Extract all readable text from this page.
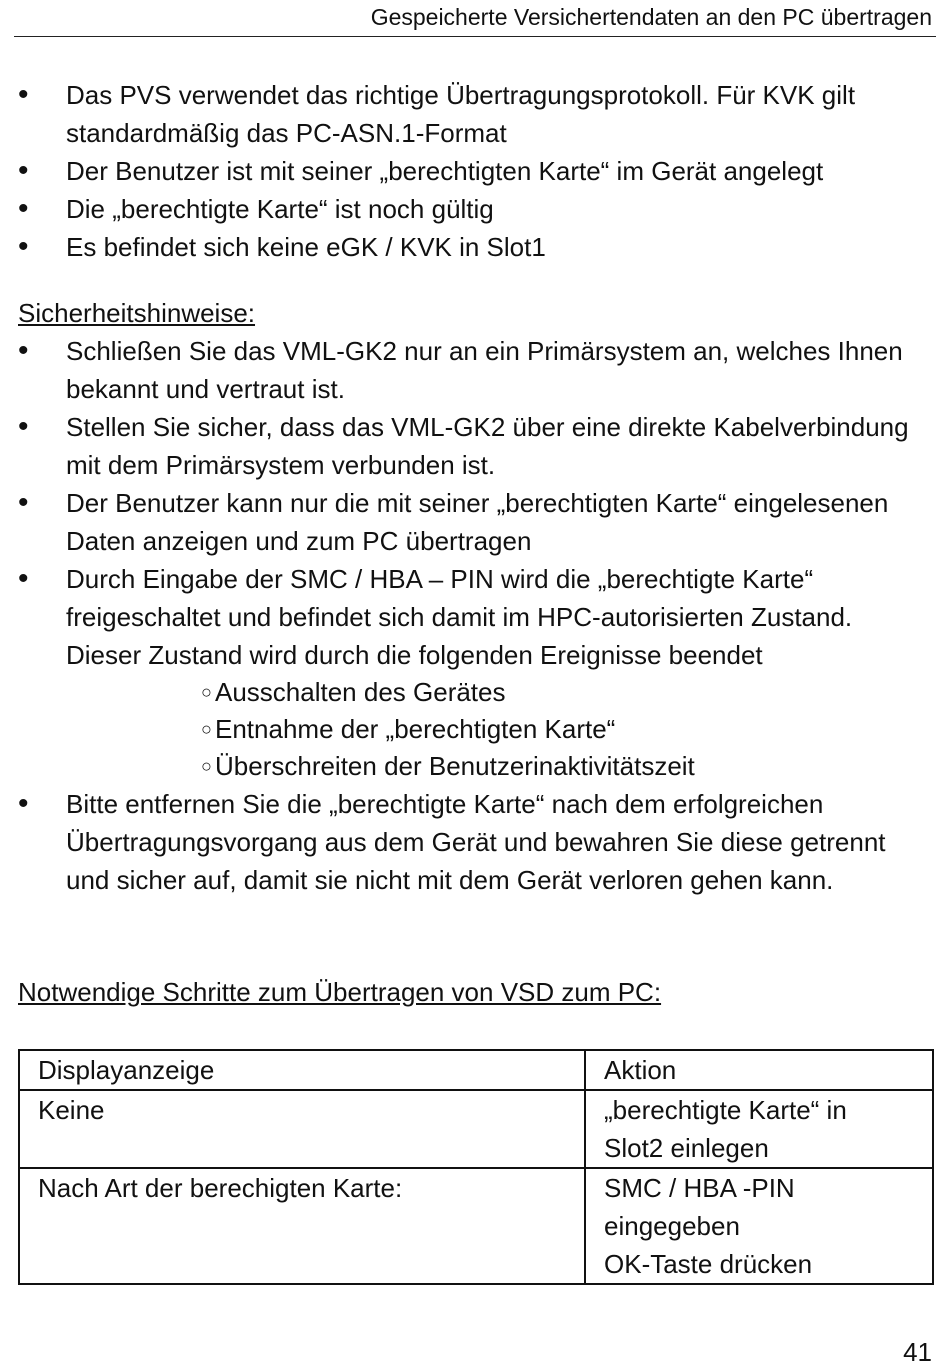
Gespeicherte Versichertendaten an den PC übertragen
• Das PVS verwendet das richtige Übertragungsprotokoll. Für KVK gilt standardmäßig das PC-ASN.1-Format
• Der Benutzer ist mit seiner „berechtigten Karte“ im Gerät angelegt
• Die „berechtigte Karte“ ist noch gültig
• Es befindet sich keine eGK / KVK in Slot1
Sicherheitshinweise:
• Schließen Sie das VML-GK2 nur an ein Primärsystem an, welches Ihnen bekannt und vertraut ist.
• Stellen Sie sicher, dass das VML-GK2 über eine direkte Kabelverbindung mit dem Primärsystem verbunden ist.
• Der Benutzer kann nur die mit seiner „berechtigten Karte“ eingelesenen Daten anzeigen und zum PC übertragen
• Durch Eingabe der SMC / HBA – PIN wird die „berechtigte Karte“ freigeschaltet und befindet sich damit im HPC-autorisierten Zustand. Dieser Zustand wird durch die folgenden Ereignisse beendet
○ Ausschalten des Gerätes
○ Entnahme der „berechtigten Karte“
○ Überschreiten der Benutzerinaktivitätszeit
• Bitte entfernen Sie die „berechtigte Karte“ nach dem erfolgreichen Übertragungsvorgang aus dem Gerät und bewahren Sie diese getrennt und sicher auf, damit sie nicht mit dem Gerät verloren gehen kann.
Notwendige Schritte zum Übertragen von VSD zum PC:
Displayanzeige	Aktion
Keine	„berechtigte Karte“ in
Slot2 einlegen

Nach Art der berechigten Karte:	SMC / HBA -PIN
eingegeben
OK-Taste drücken
41
